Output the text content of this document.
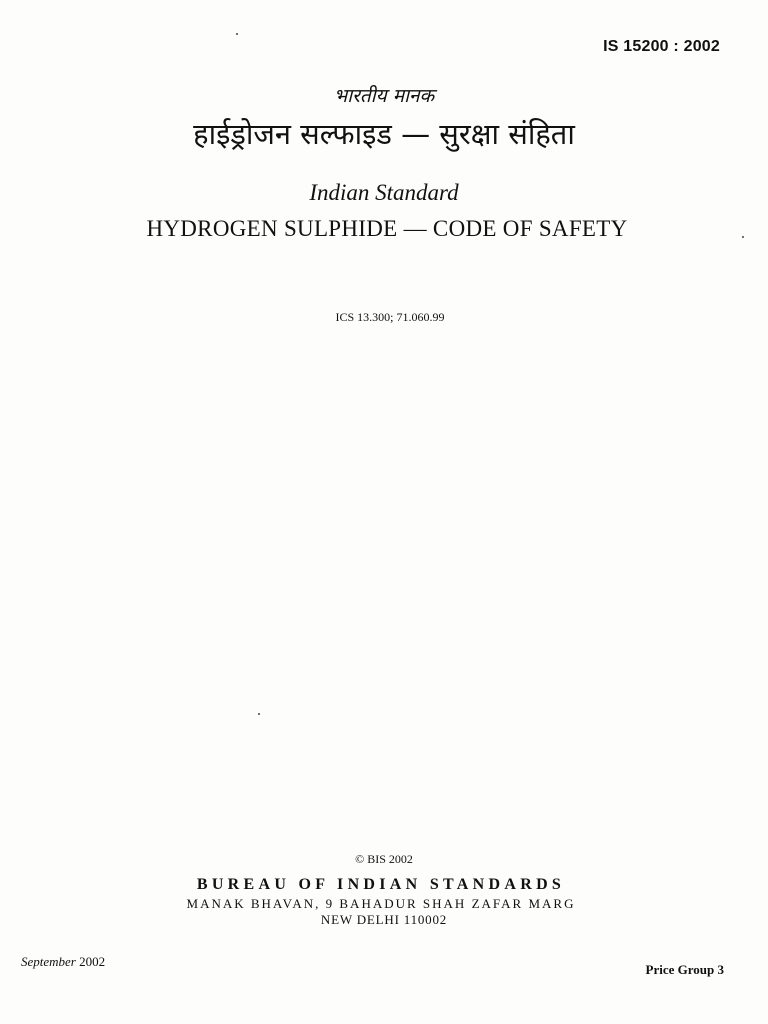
IS 15200 : 2002
भारतीय मानक
हाईड्रोजन सल्फाइड — सुरक्षा संहिता
Indian Standard
HYDROGEN SULPHIDE — CODE OF SAFETY
ICS 13.300; 71.060.99
© BIS 2002
BUREAU OF INDIAN STANDARDS
MANAK BHAVAN, 9 BAHADUR SHAH ZAFAR MARG
NEW DELHI 110002
September 2002
Price Group 3
